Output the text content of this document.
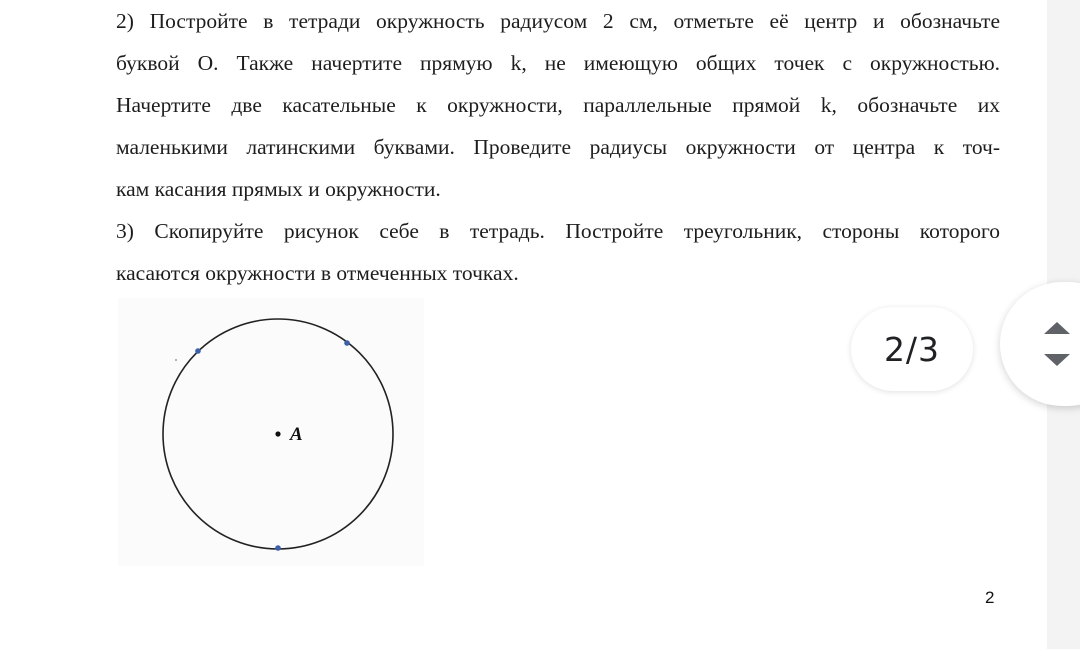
2) Постройте в тетради окружность радиусом 2 см, отметьте её центр и обозначьте
буквой О. Также начертите прямую k, не имеющую общих точек с окружностью.
Начертите две касательные к окружности, параллельные прямой k, обозначьте их
маленькими латинскими буквами. Проведите радиусы окружности от центра к точ-
кам касания прямых и окружности.
3) Скопируйте рисунок себе в тетрадь. Постройте треугольник, стороны которого
касаются окружности в отмеченных точках.
A
2
2/3
